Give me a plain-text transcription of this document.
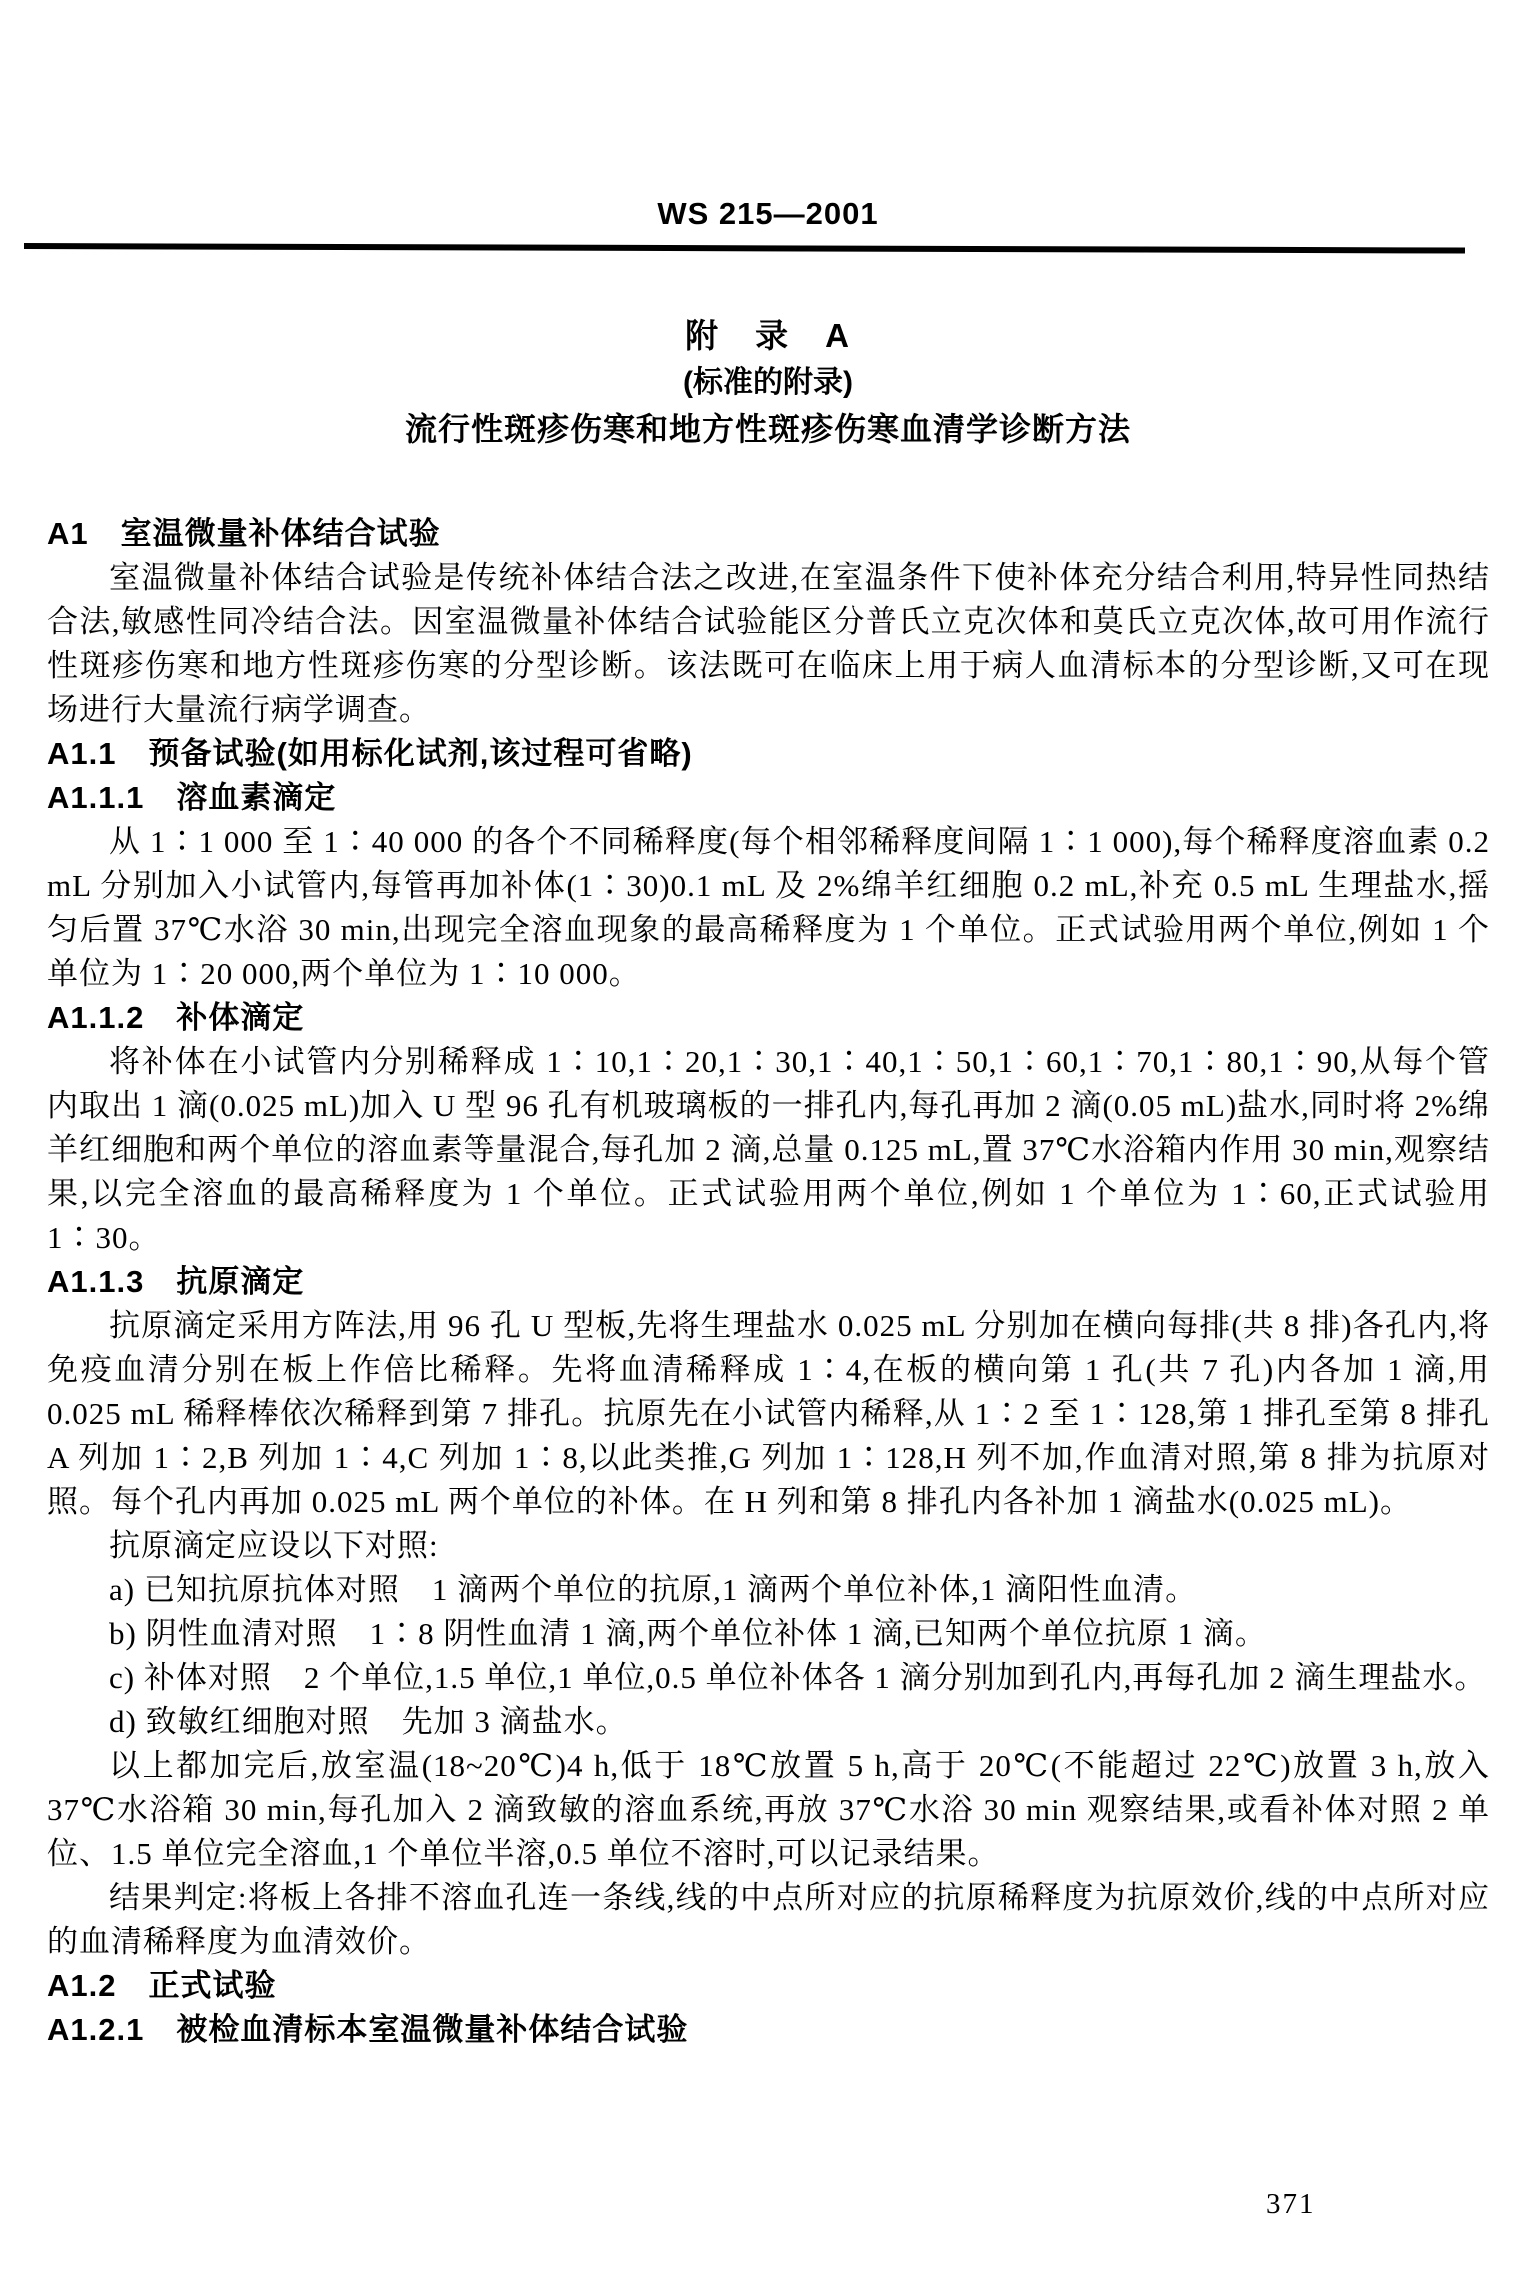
WS 215—2001
附　录　A
(标准的附录)
流行性斑疹伤寒和地方性斑疹伤寒血清学诊断方法
A1　室温微量补体结合试验

室温微量补体结合试验是传统补体结合法之改进,在室温条件下使补体充分结合利用,特异性同热结合法,敏感性同冷结合法。因室温微量补体结合试验能区分普氏立克次体和莫氏立克次体,故可用作流行性斑疹伤寒和地方性斑疹伤寒的分型诊断。该法既可在临床上用于病人血清标本的分型诊断,又可在现场进行大量流行病学调查。

A1.1　预备试验(如用标化试剂,该过程可省略)
A1.1.1　溶血素滴定

从 1∶1 000 至 1∶40 000 的各个不同稀释度(每个相邻稀释度间隔 1∶1 000),每个稀释度溶血素 0.2 mL 分别加入小试管内,每管再加补体(1∶30)0.1 mL 及 2%绵羊红细胞 0.2 mL,补充 0.5 mL 生理盐水,摇匀后置 37℃水浴 30 min,出现完全溶血现象的最高稀释度为 1 个单位。正式试验用两个单位,例如 1 个单位为 1∶20 000,两个单位为 1∶10 000。

A1.1.2　补体滴定

将补体在小试管内分别稀释成 1∶10,1∶20,1∶30,1∶40,1∶50,1∶60,1∶70,1∶80,1∶90,从每个管内取出 1 滴(0.025 mL)加入 U 型 96 孔有机玻璃板的一排孔内,每孔再加 2 滴(0.05 mL)盐水,同时将 2%绵羊红细胞和两个单位的溶血素等量混合,每孔加 2 滴,总量 0.125 mL,置 37℃水浴箱内作用 30 min,观察结果,以完全溶血的最高稀释度为 1 个单位。正式试验用两个单位,例如 1 个单位为 1∶60,正式试验用 1∶30。

A1.1.3　抗原滴定

抗原滴定采用方阵法,用 96 孔 U 型板,先将生理盐水 0.025 mL 分别加在横向每排(共 8 排)各孔内,将免疫血清分别在板上作倍比稀释。先将血清稀释成 1∶4,在板的横向第 1 孔(共 7 孔)内各加 1 滴,用 0.025 mL 稀释棒依次稀释到第 7 排孔。抗原先在小试管内稀释,从 1∶2 至 1∶128,第 1 排孔至第 8 排孔 A 列加 1∶2,B 列加 1∶4,C 列加 1∶8,以此类推,G 列加 1∶128,H 列不加,作血清对照,第 8 排为抗原对照。每个孔内再加 0.025 mL 两个单位的补体。在 H 列和第 8 排孔内各补加 1 滴盐水(0.025 mL)。

抗原滴定应设以下对照:

a) 已知抗原抗体对照　1 滴两个单位的抗原,1 滴两个单位补体,1 滴阳性血清。

b) 阴性血清对照　1∶8 阴性血清 1 滴,两个单位补体 1 滴,已知两个单位抗原 1 滴。

c) 补体对照　2 个单位,1.5 单位,1 单位,0.5 单位补体各 1 滴分别加到孔内,再每孔加 2 滴生理盐水。

d) 致敏红细胞对照　先加 3 滴盐水。

以上都加完后,放室温(18~20℃)4 h,低于 18℃放置 5 h,高于 20℃(不能超过 22℃)放置 3 h,放入 37℃水浴箱 30 min,每孔加入 2 滴致敏的溶血系统,再放 37℃水浴 30 min 观察结果,或看补体对照 2 单位、1.5 单位完全溶血,1 个单位半溶,0.5 单位不溶时,可以记录结果。

结果判定:将板上各排不溶血孔连一条线,线的中点所对应的抗原稀释度为抗原效价,线的中点所对应的血清稀释度为血清效价。

A1.2　正式试验
A1.2.1　被检血清标本室温微量补体结合试验
371
